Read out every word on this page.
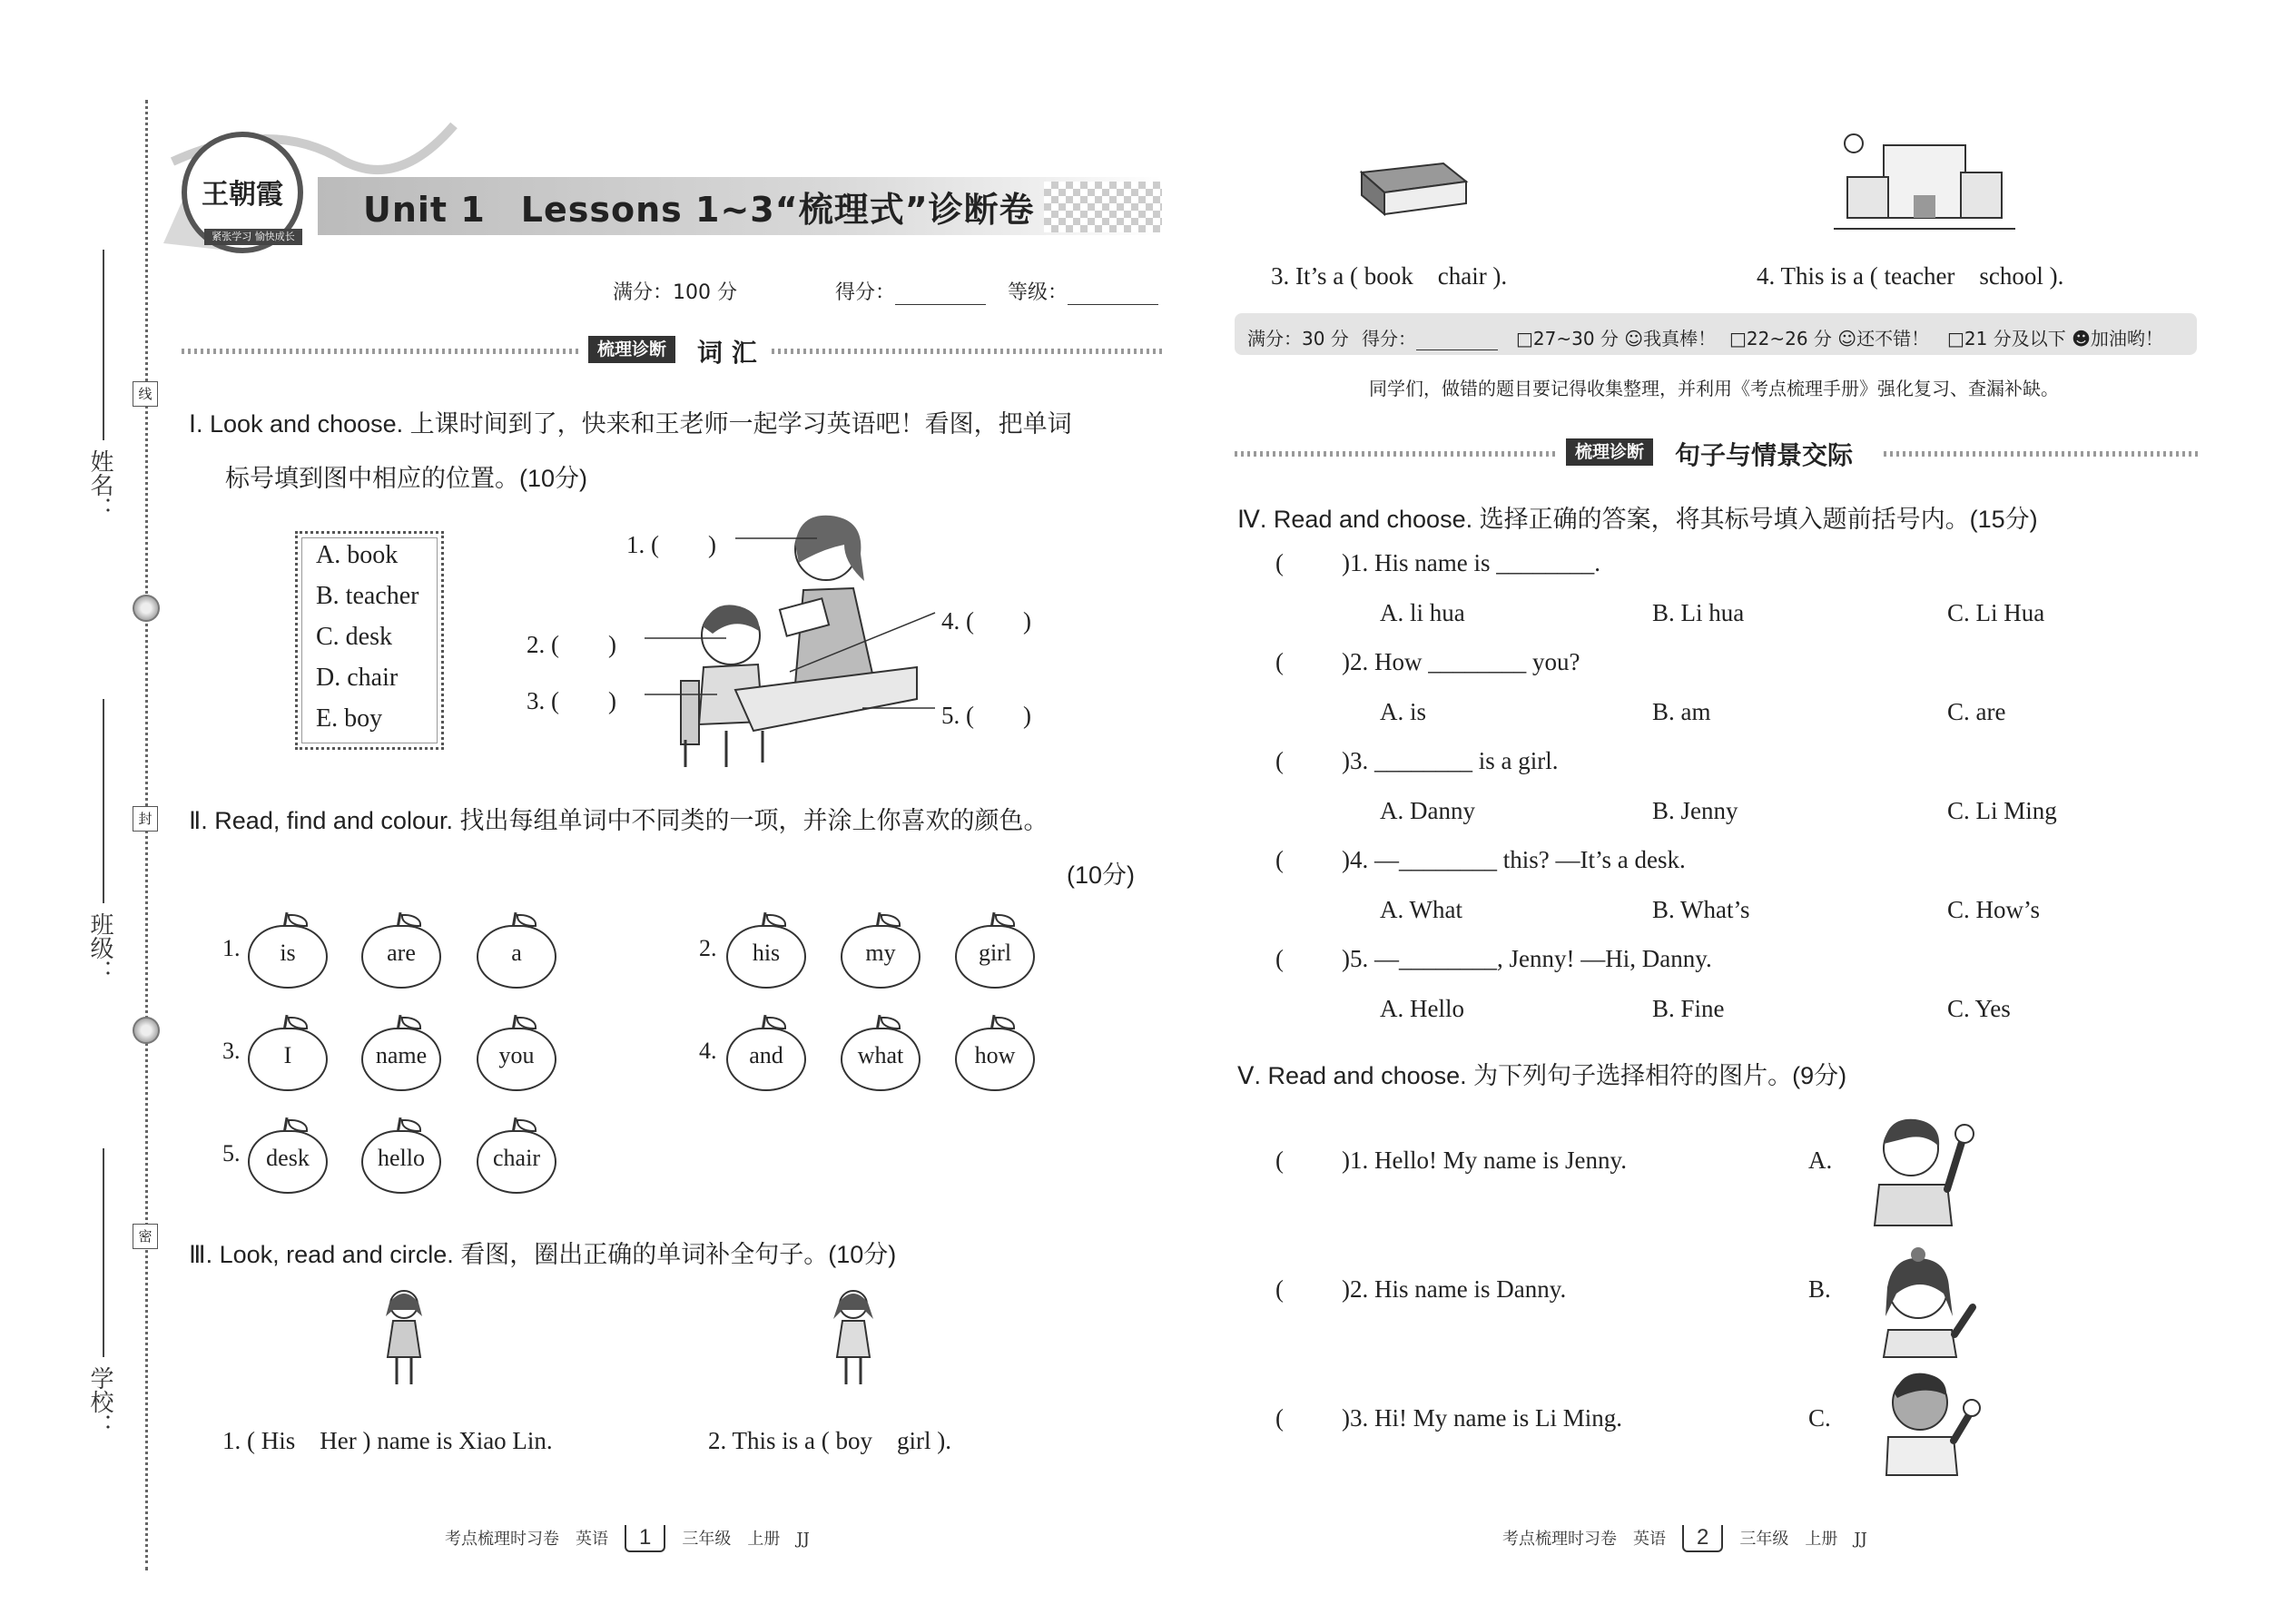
姓名：
线
班级：
封
密
学校：
王朝霞
紧张学习 愉快成长
Unit 1　Lessons 1~3“梳理式”诊断卷
满分：100 分	得分：	等级：
梳理诊断	词 汇
Ⅰ. Look and choose. 上课时间到了，快来和王老师一起学习英语吧！看图，把单词
标号填到图中相应的位置。(10分)
A. book
B. teacher
C. desk
D. chair
E. boy
1. (　　)
2. (　　)
3. (　　)
4. (　　)
5. (　　)
Ⅱ. Read, find and colour. 找出每组单词中不同类的一项，并涂上你喜欢的颜色。
(10分)
1.	is	are	a	2.	his	my	girl
3.	I	name	you	4.	and	what	how
5.	desk	hello	chair
Ⅲ. Look, read and circle. 看图，圈出正确的单词补全句子。(10分)
1. ( His　Her ) name is Xiao Lin.	2. This is a ( boy　girl ).
考点梳理时习卷　英语 1 三年级　上册　JJ
3. It’s a ( book　chair ).	4. This is a ( teacher　school ).
满分：30 分 得分：	□27~30 分 ☺我真棒！ □22~26 分 ☺还不错！ □21 分及以下 ☻加油哟！
同学们，做错的题目要记得收集整理，并利用《考点梳理手册》强化复习、查漏补缺。
梳理诊断	句子与情景交际
Ⅳ. Read and choose. 选择正确的答案，将其标号填入题前括号内。(15分)
( )1. His name is ________.
A. li hua	B. Li hua	C. Li Hua
( )2. How ________ you?
A. is	B. am	C. are
( )3. ________ is a girl.
A. Danny	B. Jenny	C. Li Ming
( )4. —________ this? —It’s a desk.
A. What	B. What’s	C. How’s
( )5. —________, Jenny! —Hi, Danny.
A. Hello	B. Fine	C. Yes
Ⅴ. Read and choose. 为下列句子选择相符的图片。(9分)
( )1. Hello! My name is Jenny.	A.
( )2. His name is Danny.	B.
( )3. Hi! My name is Li Ming.	C.
考点梳理时习卷　英语 2 三年级　上册　JJ
